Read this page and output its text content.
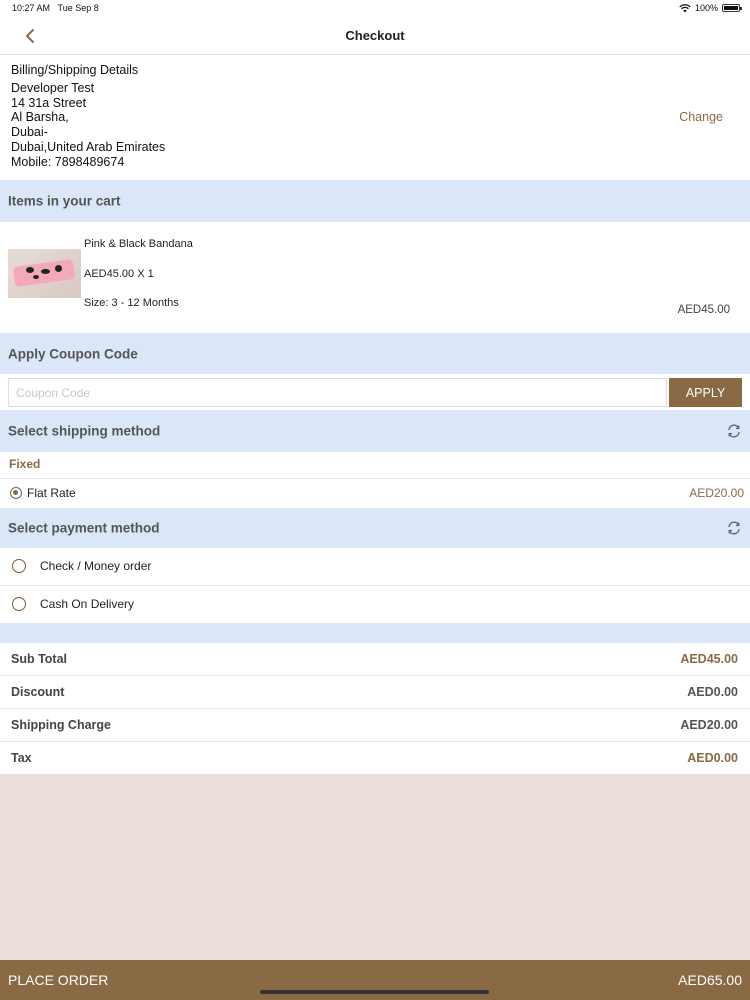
10:27 AM Tue Sep 8	100%
Checkout
Billing/Shipping Details
Developer Test
14 31a Street
Al Barsha,
Dubai-
Dubai,United Arab Emirates
Mobile: 7898489674
Change
Items in your cart
Pink & Black Bandana
AED45.00 X 1
Size: 3 - 12 Months
AED45.00
Apply Coupon Code
Coupon Code
APPLY
Select shipping method
Fixed
Flat Rate	AED20.00
Select payment method
Check / Money order
Cash On Delivery
Sub Total	AED45.00
Discount	AED0.00
Shipping Charge	AED20.00
Tax	AED0.00
PLACE ORDER	AED65.00
